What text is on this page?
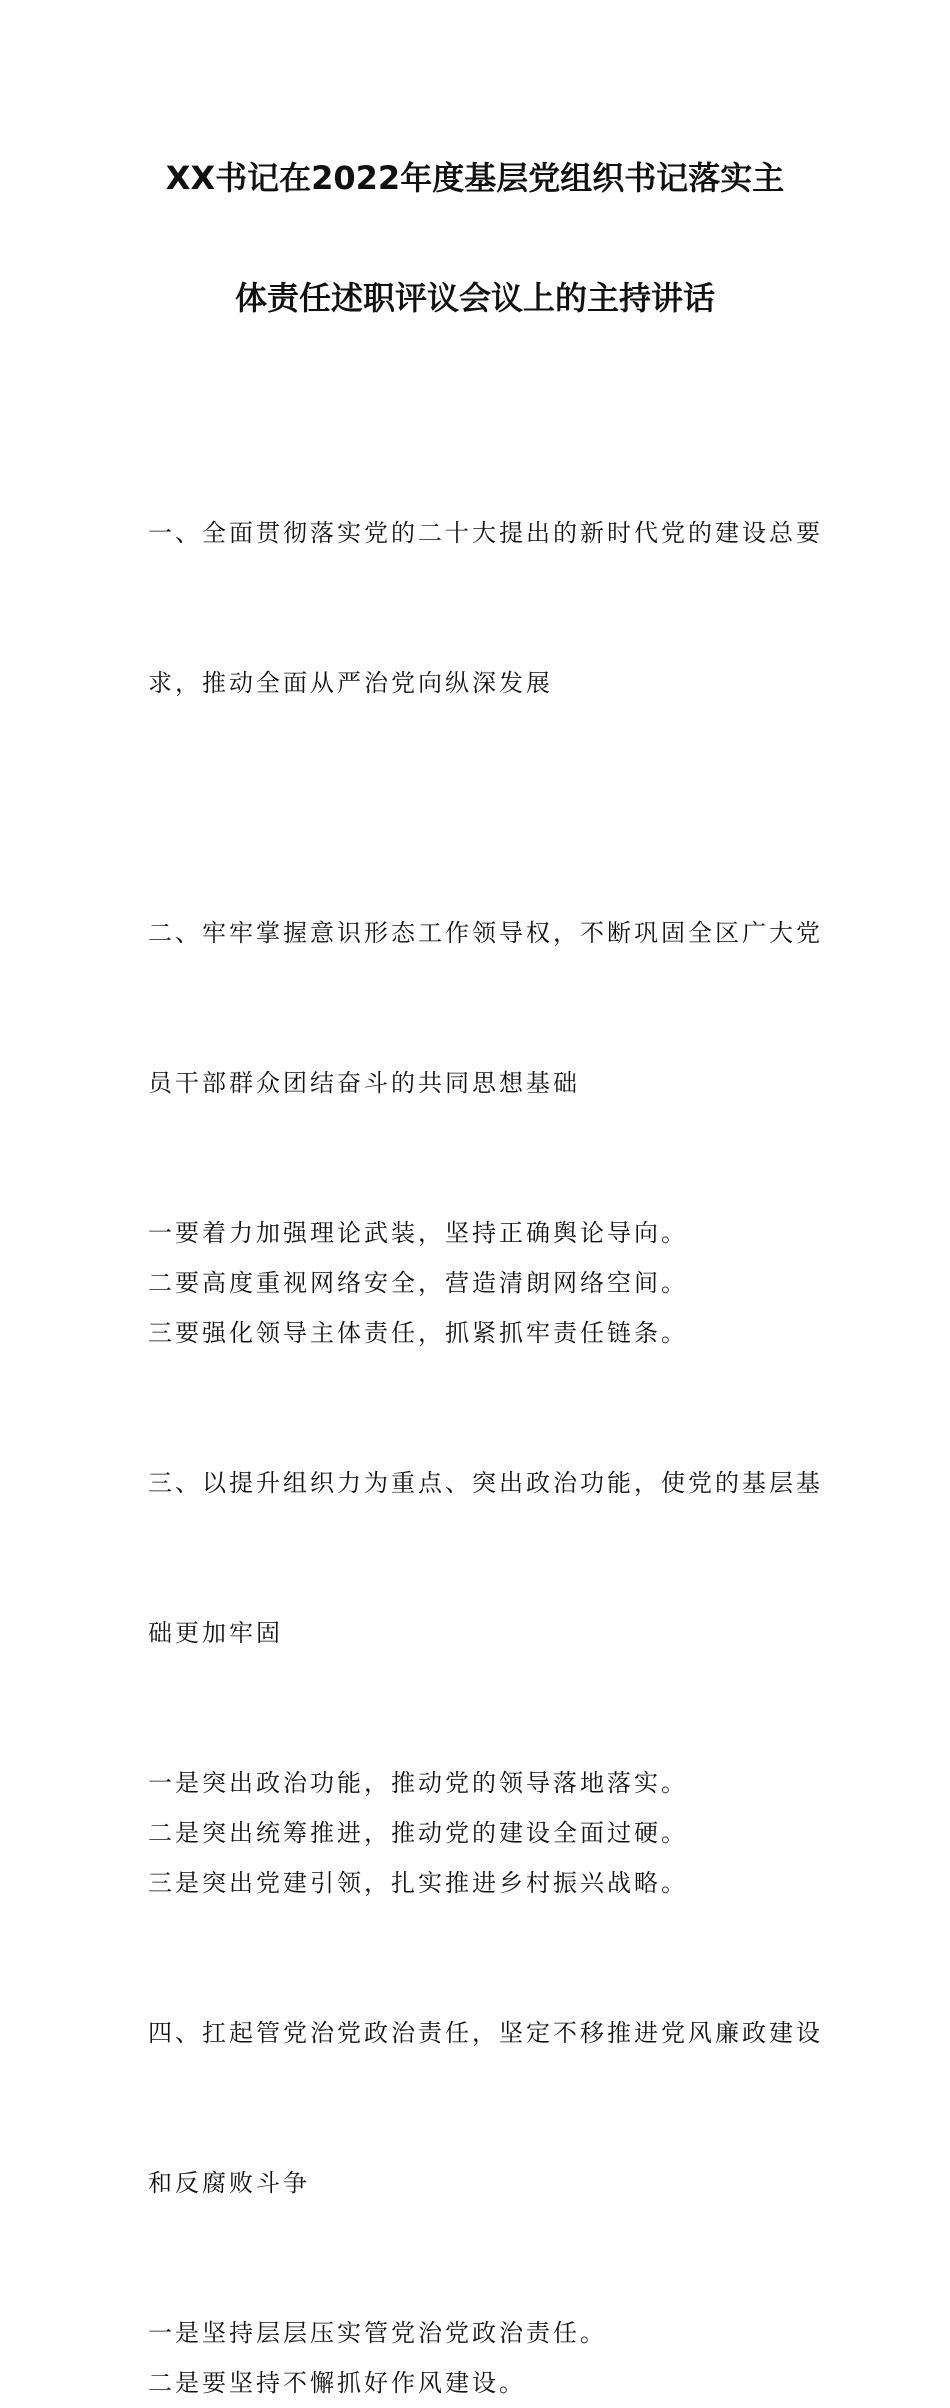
XX书记在2022年度基层党组织书记落实主
体责任述职评议会议上的主持讲话

一、全面贯彻落实党的二十大提出的新时代党的建设总要

求，推动全面从严治党向纵深发展

二、牢牢掌握意识形态工作领导权，不断巩固全区广大党

员干部群众团结奋斗的共同思想基础

一要着力加强理论武装，坚持正确舆论导向。

二要高度重视网络安全，营造清朗网络空间。

三要强化领导主体责任，抓紧抓牢责任链条。

三、以提升组织力为重点、突出政治功能，使党的基层基

础更加牢固

一是突出政治功能，推动党的领导落地落实。

二是突出统筹推进，推动党的建设全面过硬。

三是突出党建引领，扎实推进乡村振兴战略。

四、扛起管党治党政治责任，坚定不移推进党风廉政建设

和反腐败斗争

一是坚持层层压实管党治党政治责任。

二是要坚持不懈抓好作风建设。
